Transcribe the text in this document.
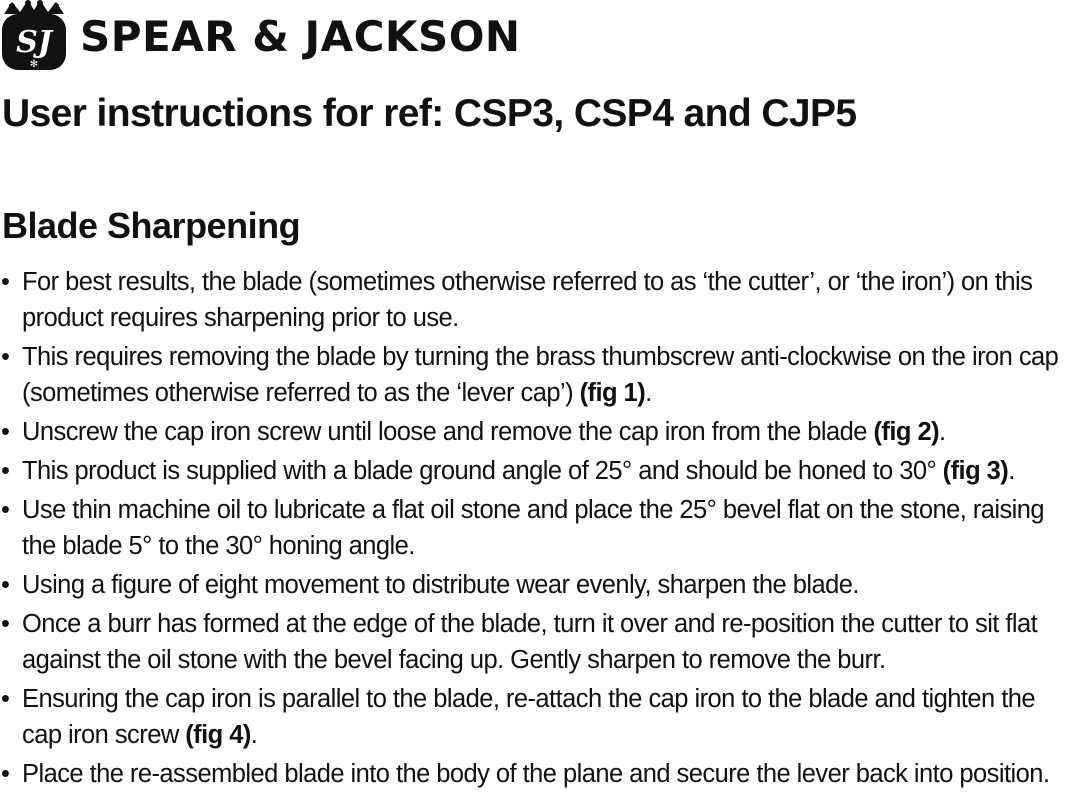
SJ
✻
SPEAR & JACKSON
User instructions for ref: CSP3, CSP4 and CJP5
Blade Sharpening
• For best results, the blade (sometimes otherwise referred to as ‘the cutter’, or ‘the iron’) on this product requires sharpening prior to use.
• This requires removing the blade by turning the brass thumbscrew anti-clockwise on the iron cap (sometimes otherwise referred to as the ‘lever cap’) (fig 1).
• Unscrew the cap iron screw until loose and remove the cap iron from the blade (fig 2).
• This product is supplied with a blade ground angle of 25° and should be honed to 30° (fig 3).
• Use thin machine oil to lubricate a flat oil stone and place the 25° bevel flat on the stone, raising the blade 5° to the 30° honing angle.
• Using a figure of eight movement to distribute wear evenly, sharpen the blade.
• Once a burr has formed at the edge of the blade, turn it over and re-position the cutter to sit flat against the oil stone with the bevel facing up. Gently sharpen to remove the burr.
• Ensuring the cap iron is parallel to the blade, re-attach the cap iron to the blade and tighten the cap iron screw (fig 4).
• Place the re-assembled blade into the body of the plane and secure the lever back into position.
